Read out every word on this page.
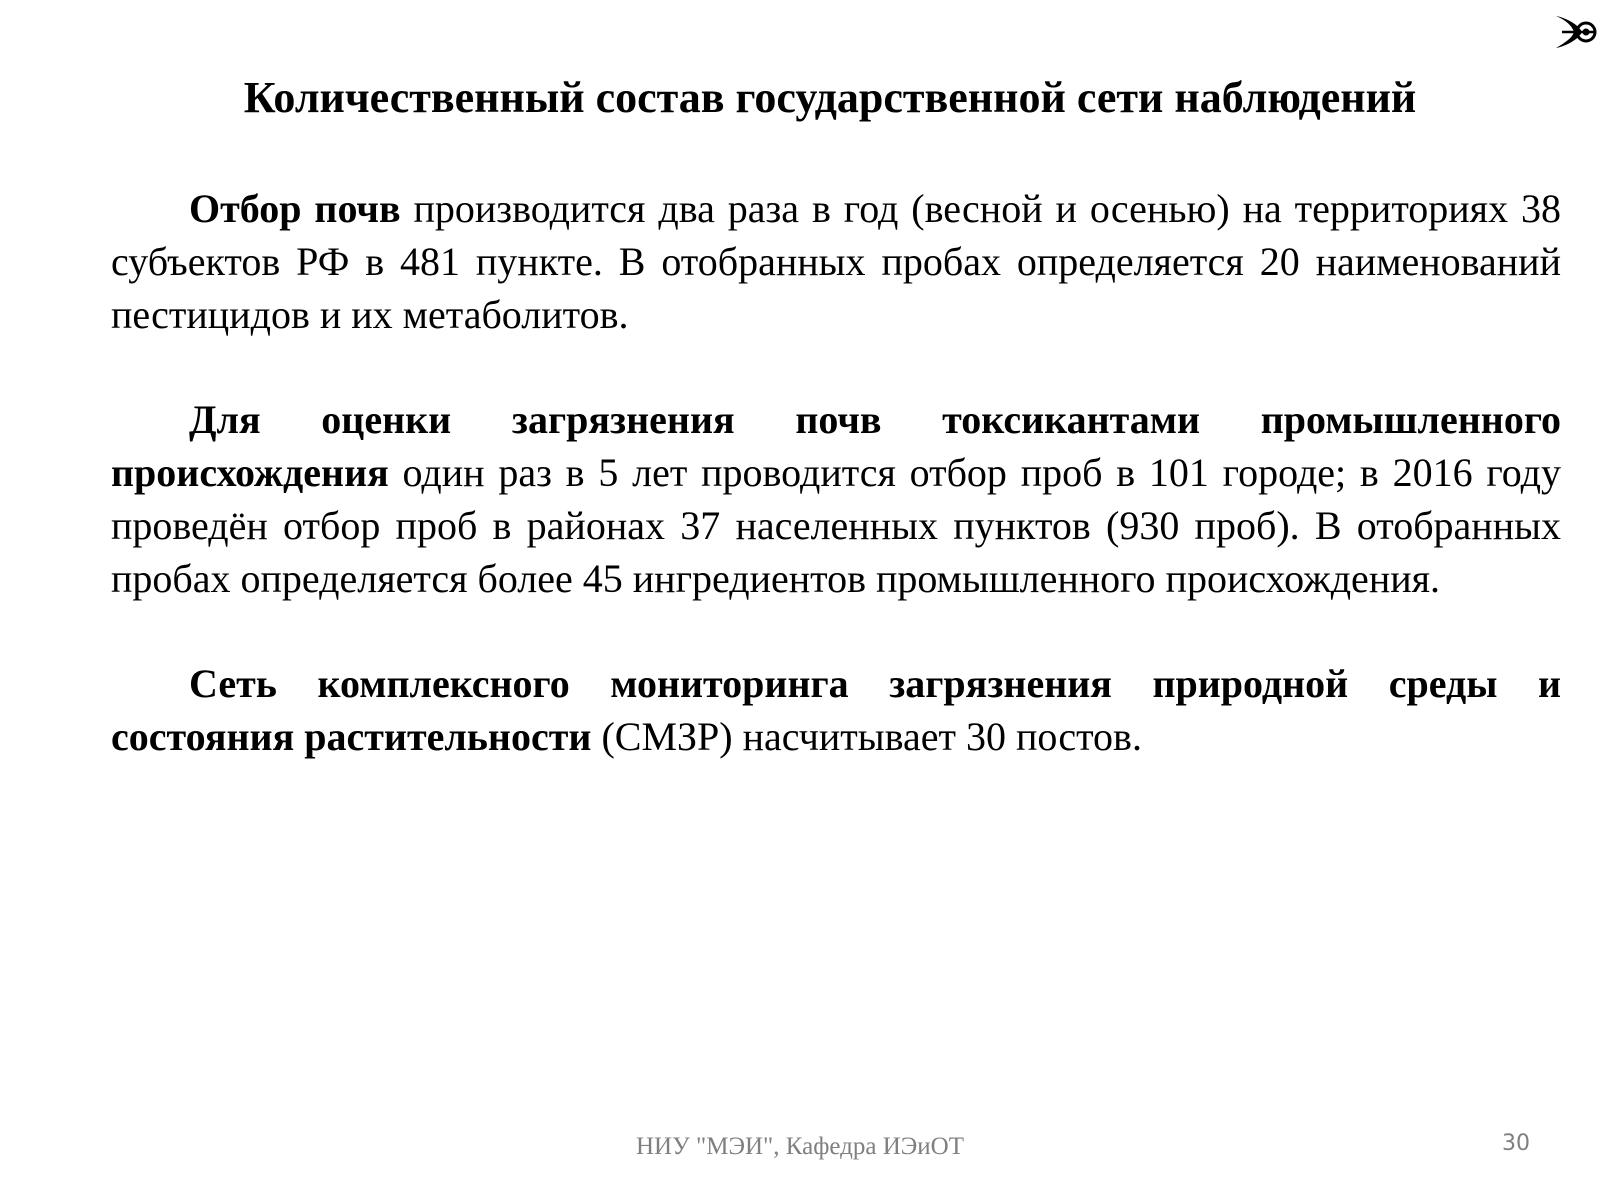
Количественный состав государственной сети наблюдений

Отбор почв производится два раза в год (весной и осенью) на территориях 38 субъектов РФ в 481 пункте. В отобранных пробах определяется 20 наименований пестицидов и их метаболитов.

Для оценки загрязнения почв токсикантами промышленного происхождения один раз в 5 лет проводится отбор проб в 101 городе; в 2016 году проведён отбор проб в районах 37 населенных пунктов (930 проб). В отобранных пробах определяется более 45 ингредиентов промышленного происхождения.

Сеть комплексного мониторинга загрязнения природной среды и состояния растительности (СМЗР) насчитывает 30 постов.

НИУ "МЭИ", Кафедра ИЭиОТ	30
